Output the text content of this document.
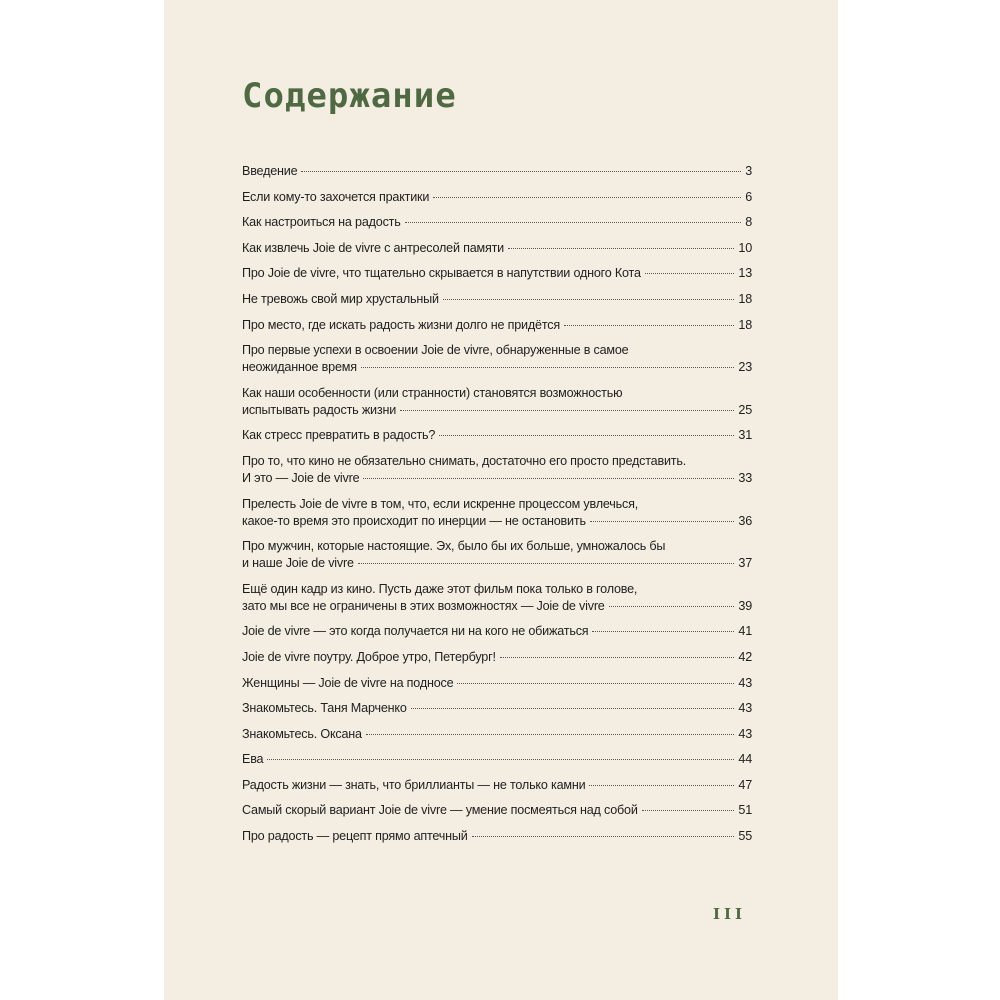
Содержание
Введение	3
Если кому-то захочется практики	6
Как настроиться на радость	8
Как извлечь Joie de vivre с антресолей памяти	10
Про Joie de vivre, что тщательно скрывается в напутствии одного Кота	13
Не тревожь свой мир хрустальный	18
Про место, где искать радость жизни долго не придётся	18
Про первые успехи в освоении Joie de vivre, обнаруженные в самое
неожиданное время	23
Как наши особенности (или странности) становятся возможностью
испытывать радость жизни	25
Как стресс превратить в радость?	31
Про то, что кино не обязательно снимать, достаточно его просто представить.
И это — Joie de vivre	33
Прелесть Joie de vivre в том, что, если искренне процессом увлечься,
какое-то время это происходит по инерции — не остановить	36
Про мужчин, которые настоящие. Эх, было бы их больше, умножалось бы
и наше Joie de vivre	37
Ещё один кадр из кино. Пусть даже этот фильм пока только в голове,
зато мы все не ограничены в этих возможностях — Joie de vivre	39
Joie de vivre — это когда получается ни на кого не обижаться	41
Joie de vivre поутру. Доброе утро, Петербург!	42
Женщины — Joie de vivre на подносе	43
Знакомьтесь. Таня Марченко	43
Знакомьтесь. Оксана	43
Ева	44
Радость жизни — знать, что бриллианты — не только камни	47
Самый скорый вариант Joie de vivre — умение посмеяться над собой	51
Про радость — рецепт прямо аптечный	55
III
